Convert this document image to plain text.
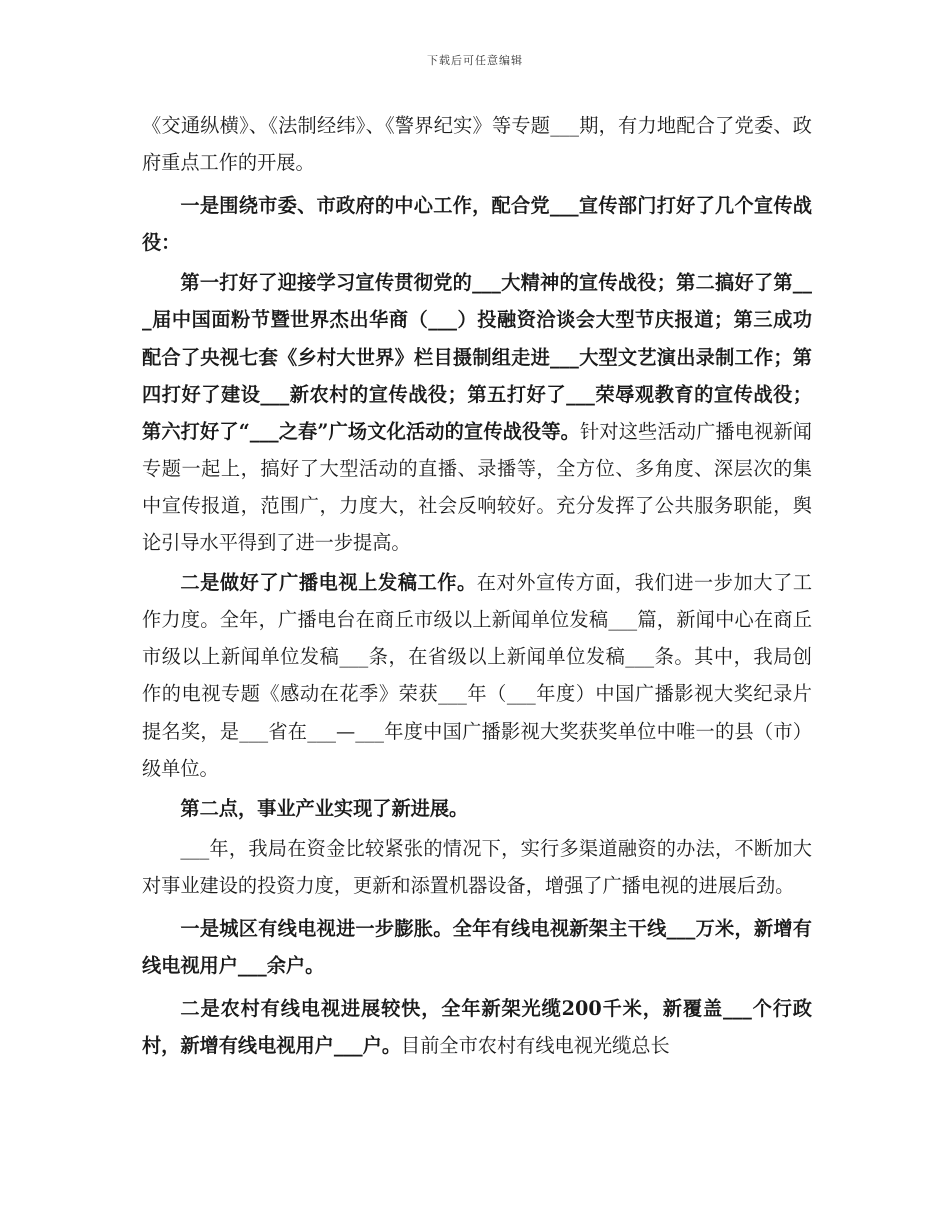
下载后可任意编辑

《交通纵横》、《法制经纬》、《警界纪实》等专题___期，有力地配合了党委、政府重点工作的开展。

一是围绕市委、市政府的中心工作，配合党___宣传部门打好了几个宣传战役：

第一打好了迎接学习宣传贯彻党的___大精神的宣传战役；第二搞好了第___届中国面粉节暨世界杰出华商（___）投融资洽谈会大型节庆报道；第三成功配合了央视七套《乡村大世界》栏目摄制组走进___大型文艺演出录制工作；第四打好了建设___新农村的宣传战役；第五打好了___荣辱观教育的宣传战役；第六打好了“___之春”广场文化活动的宣传战役等。针对这些活动广播电视新闻专题一起上，搞好了大型活动的直播、录播等，全方位、多角度、深层次的集中宣传报道，范围广，力度大，社会反响较好。充分发挥了公共服务职能，舆论引导水平得到了进一步提高。

二是做好了广播电视上发稿工作。在对外宣传方面，我们进一步加大了工作力度。全年，广播电台在商丘市级以上新闻单位发稿___篇，新闻中心在商丘市级以上新闻单位发稿___条，在省级以上新闻单位发稿___条。其中，我局创作的电视专题《感动在花季》荣获___年（___年度）中国广播影视大奖纪录片提名奖，是___省在___—___年度中国广播影视大奖获奖单位中唯一的县（市）级单位。

第二点，事业产业实现了新进展。

___年，我局在资金比较紧张的情况下，实行多渠道融资的办法，不断加大对事业建设的投资力度，更新和添置机器设备，增强了广播电视的进展后劲。

一是城区有线电视进一步膨胀。全年有线电视新架主干线___万米，新增有线电视用户___余户。

二是农村有线电视进展较快，全年新架光缆200千米，新覆盖___个行政村，新增有线电视用户___户。目前全市农村有线电视光缆总长
